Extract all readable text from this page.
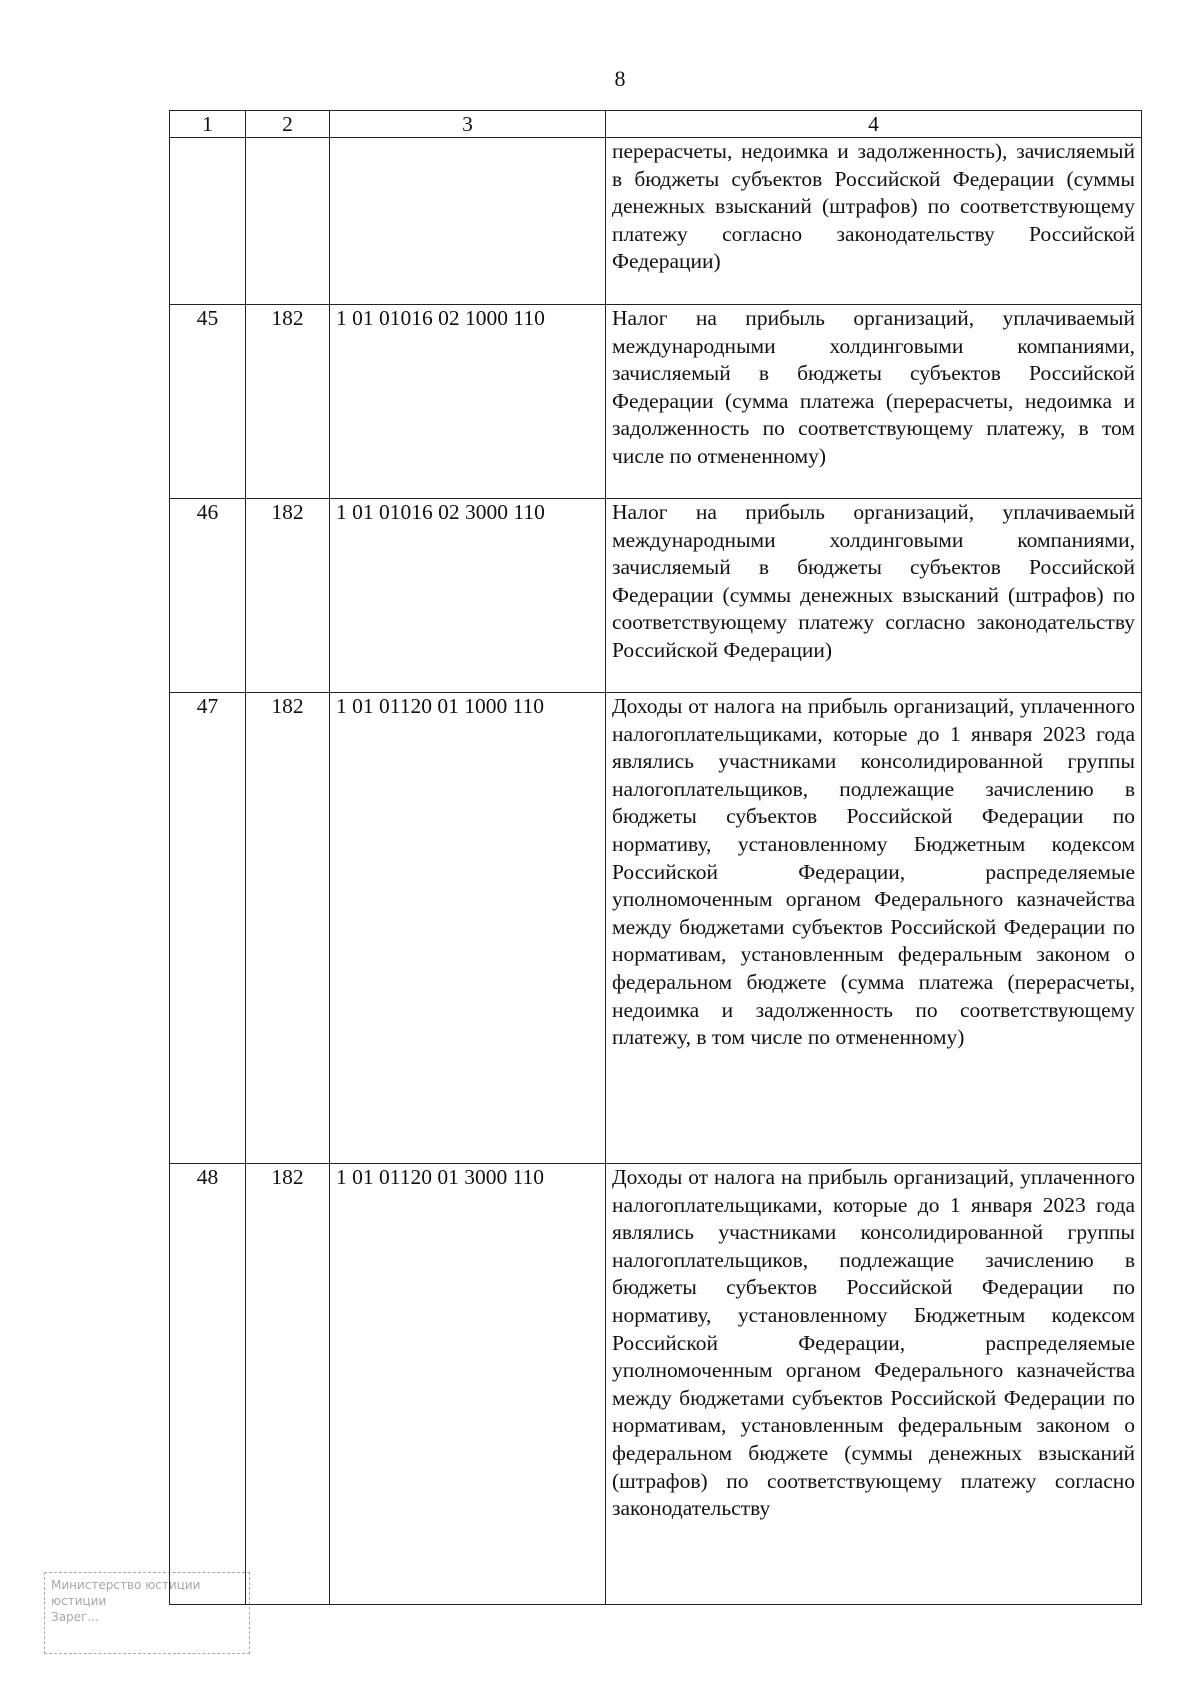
8
1	2	3	4
			перерасчеты, недоимка и задолженность), зачисляемый в бюджеты субъектов Российской Федерации (суммы денежных взысканий (штрафов) по соответствующему платежу согласно законодательству Российской Федерации)
45	182	1 01 01016 02 1000 110	Налог на прибыль организаций, уплачиваемый международными холдинговыми компаниями, зачисляемый в бюджеты субъектов Российской Федерации (сумма платежа (перерасчеты, недоимка и задолженность по соответствующему платежу, в том числе по отмененному)
46	182	1 01 01016 02 3000 110	Налог на прибыль организаций, уплачиваемый международными холдинговыми компаниями, зачисляемый в бюджеты субъектов Российской Федерации (суммы денежных взысканий (штрафов) по соответствующему платежу согласно законодательству Российской Федерации)
47	182	1 01 01120 01 1000 110	Доходы от налога на прибыль организаций, уплаченного налогоплательщиками, которые до 1 января 2023 года являлись участниками консолидированной группы налогоплательщиков, подлежащие зачислению в бюджеты субъектов Российской Федерации по нормативу, установленному Бюджетным кодексом Российской Федерации, распределяемые уполномоченным органом Федерального казначейства между бюджетами субъектов Российской Федерации по нормативам, установленным федеральным законом о федеральном бюджете (сумма платежа (перерасчеты, недоимка и задолженность по соответствующему платежу, в том числе по отмененному)
48	182	1 01 01120 01 3000 110	Доходы от налога на прибыль организаций, уплаченного налогоплательщиками, которые до 1 января 2023 года являлись участниками консолидированной группы налогоплательщиков, подлежащие зачислению в бюджеты субъектов Российской Федерации по нормативу, установленному Бюджетным кодексом Российской Федерации, распределяемые уполномоченным органом Федерального казначейства между бюджетами субъектов Российской Федерации по нормативам, установленным федеральным законом о федеральном бюджете (суммы денежных взысканий (штрафов) по соответствующему платежу согласно законодательству
Министерство юстиции
юстиции
Зарег...
